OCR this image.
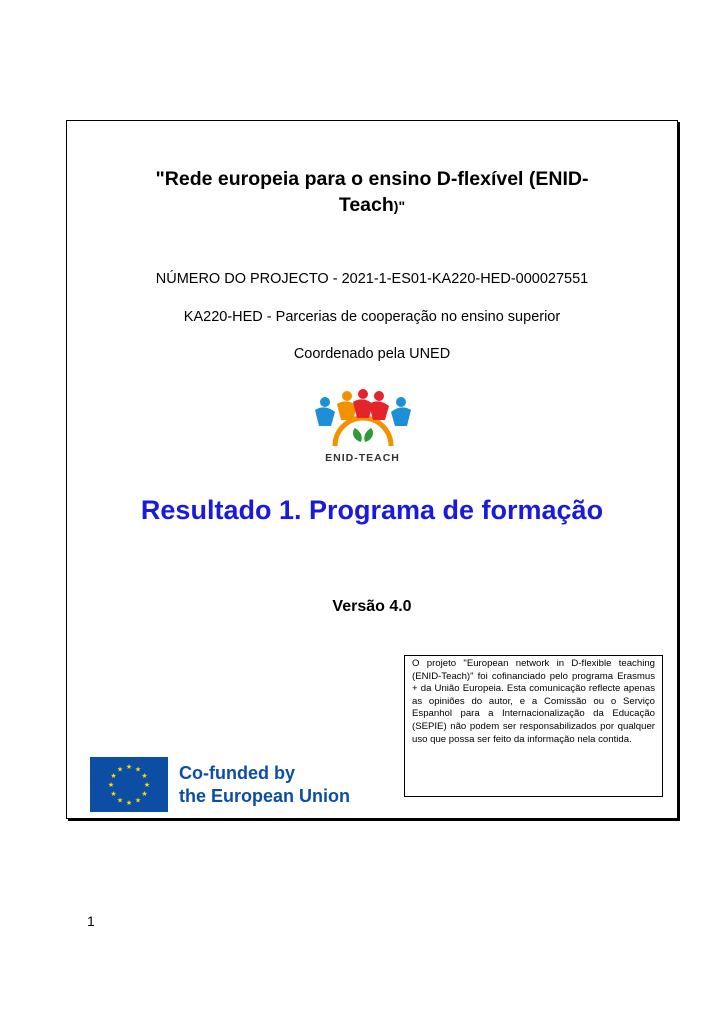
"Rede europeia para o ensino D-flexível (ENID-
Teach)"
NÚMERO DO PROJECTO - 2021-1-ES01-KA220-HED-000027551
KA220-HED - Parcerias de cooperação no ensino superior
Coordenado pela UNED
ENID-TEACH
Resultado 1. Programa de formação
Versão 4.0
O projeto "European network in D-flexible teaching (ENID-Teach)" foi cofinanciado pelo programa Erasmus + da União Europeia. Esta comunicação reflecte apenas as opiniões do autor, e a Comissão ou o Serviço Espanhol para a Internacionalização da Educação (SEPIE) não podem ser responsabilizados por qualquer uso que possa ser feito da informação nela contida.
★ ★
★
★
★
★
★
★
★
★
★
★	Co-funded by
the European Union
1
